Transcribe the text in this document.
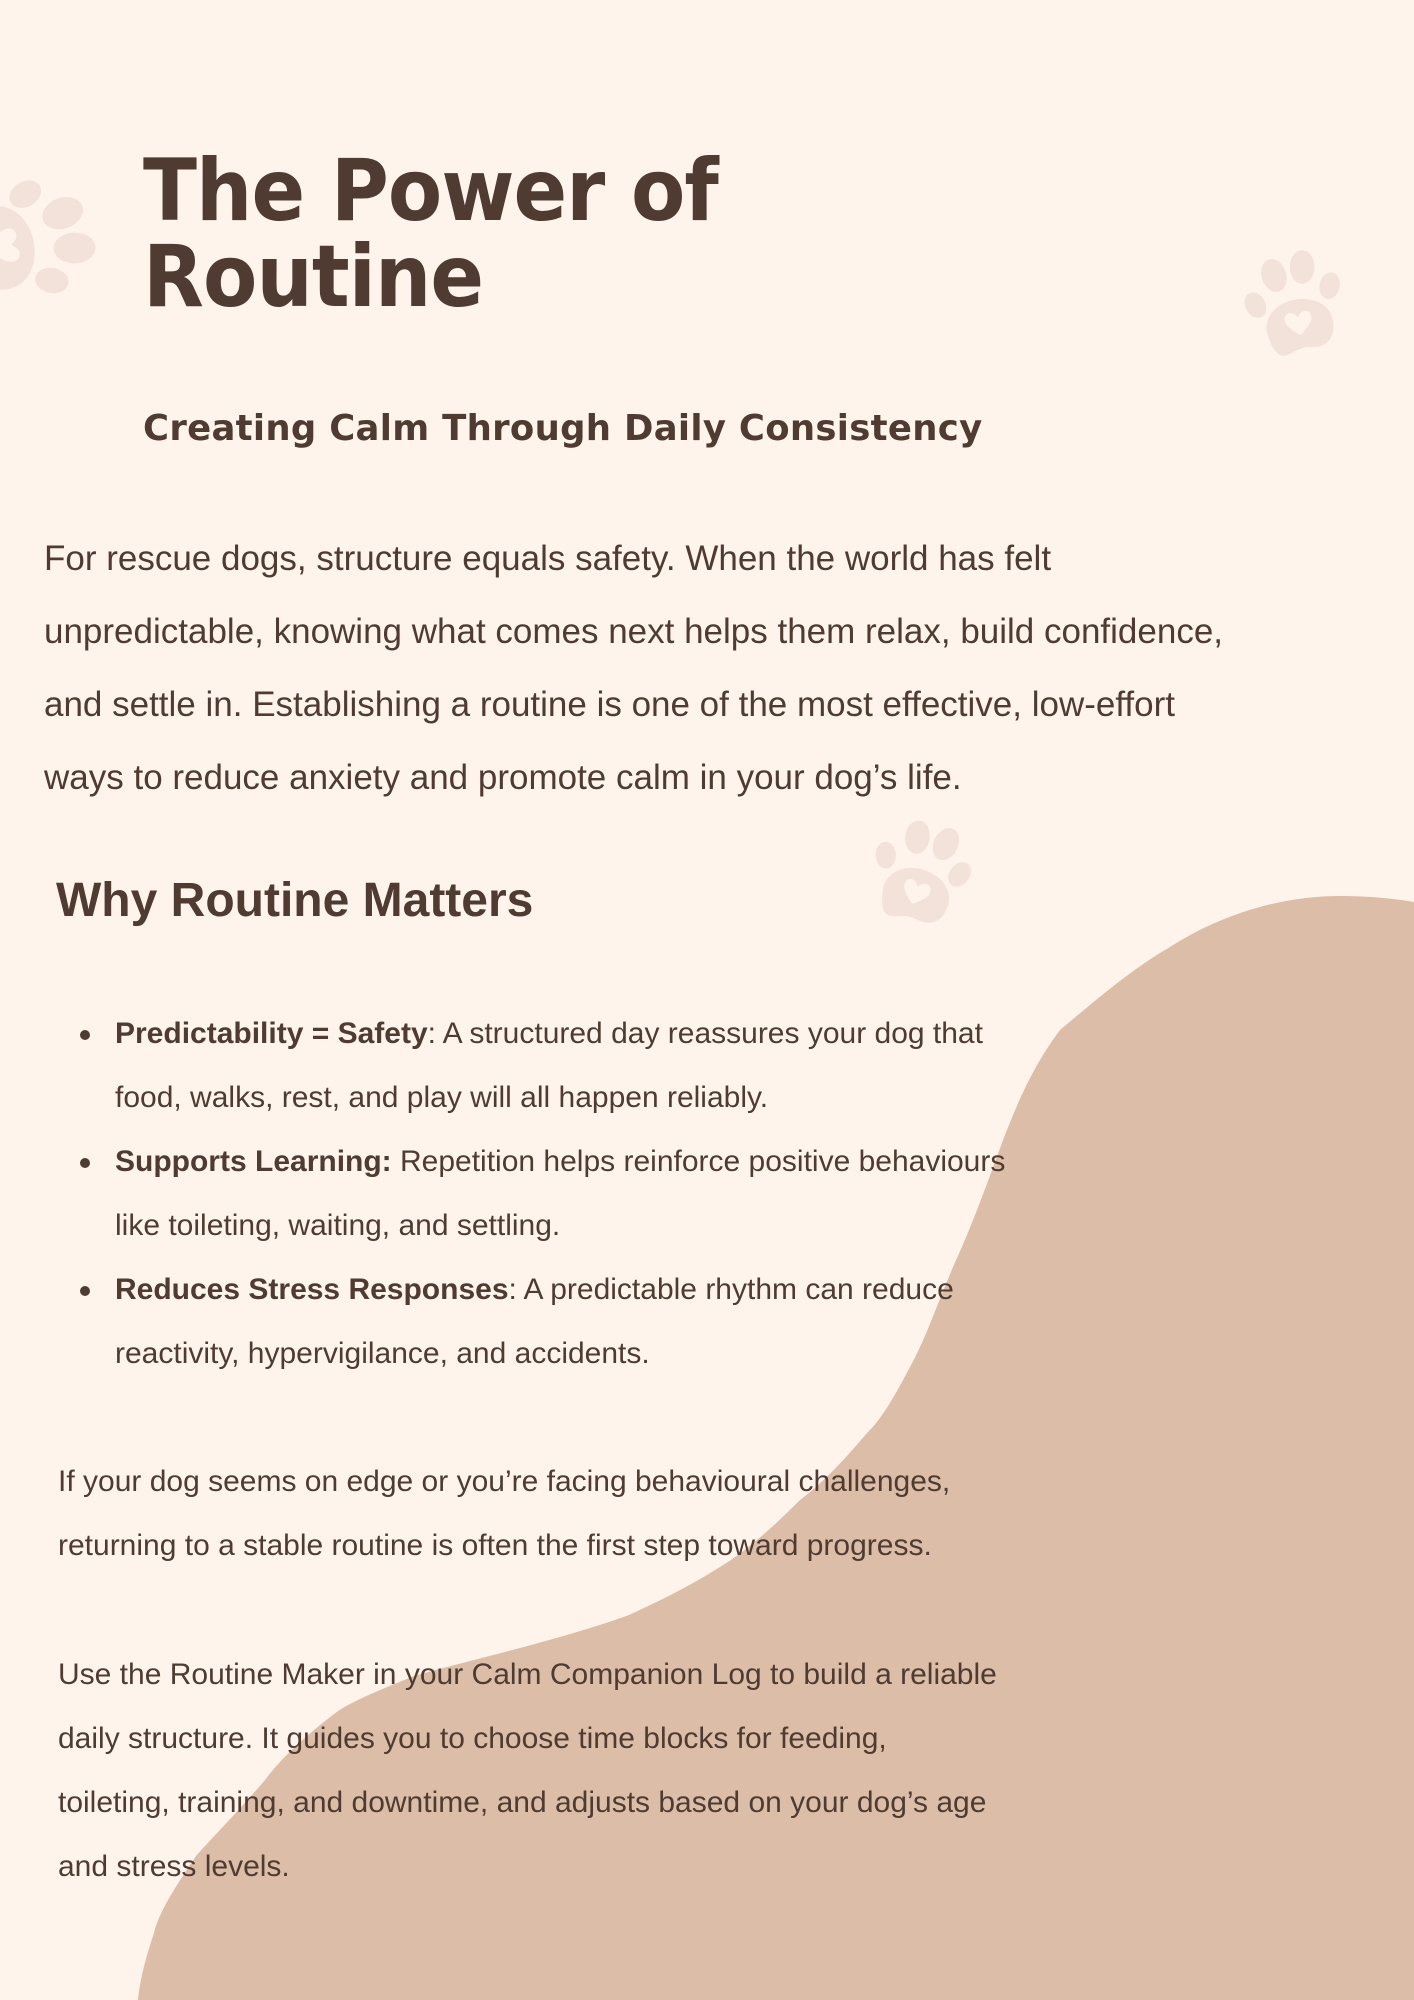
The Power of
Routine
Creating Calm Through Daily Consistency

For rescue dogs, structure equals safety. When the world has felt
unpredictable, knowing what comes next helps them relax, build confidence,
and settle in. Establishing a routine is one of the most effective, low-effort
ways to reduce anxiety and promote calm in your dog’s life.

Why Routine Matters
Predictability = Safety: A structured day reassures your dog that
food, walks, rest, and play will all happen reliably.
Supports Learning: Repetition helps reinforce positive behaviours
like toileting, waiting, and settling.
Reduces Stress Responses: A predictable rhythm can reduce
reactivity, hypervigilance, and accidents.

If your dog seems on edge or you’re facing behavioural challenges,
returning to a stable routine is often the first step toward progress.

Use the Routine Maker in your Calm Companion Log to build a reliable
daily structure. It guides you to choose time blocks for feeding,
toileting, training, and downtime, and adjusts based on your dog’s age
and stress levels.
